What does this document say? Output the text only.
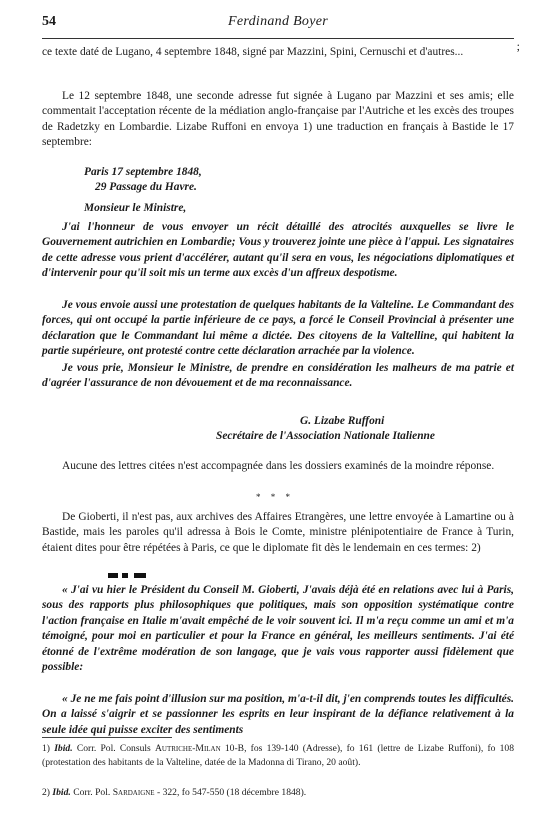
54	Ferdinand Boyer
;
ce texte daté de Lugano, 4 septembre 1848, signé par Mazzini, Spini, Cernuschi et d'autres...
Le 12 septembre 1848, une seconde adresse fut signée à Lugano par Mazzini et ses amis; elle commentait l'acceptation récente de la médiation anglo-française par l'Autriche et les excès des troupes de Radetzky en Lombardie. Lizabe Ruffoni en envoya 1) une traduction en français à Bastide le 17 septembre:
Paris 17 septembre 1848,
29 Passage du Havre.
Monsieur le Ministre,
J'ai l'honneur de vous envoyer un récit détaillé des atrocités auxquelles se livre le Gouvernement autrichien en Lombardie; Vous y trouverez jointe une pièce à l'appui. Les signataires de cette adresse vous prient d'accélérer, autant qu'il sera en vous, les négociations diplomatiques et d'intervenir pour qu'il soit mis un terme aux excès d'un affreux despotisme.
Je vous envoie aussi une protestation de quelques habitants de la Valteline. Le Commandant des forces, qui ont occupé la partie inférieure de ce pays, a forcé le Conseil Provincial à présenter une déclaration que le Commandant lui même a dictée. Des citoyens de la Valtelline, qui habitent la partie supérieure, ont protesté contre cette déclaration arrachée par la violence.
Je vous prie, Monsieur le Ministre, de prendre en considération les malheurs de ma patrie et d'agréer l'assurance de non dévouement et de ma reconnaissance.
G. Lizabe Ruffoni
Secrétaire de l'Association Nationale Italienne
Aucune des lettres citées n'est accompagnée dans les dossiers examinés de la moindre réponse.
* * *
De Gioberti, il n'est pas, aux archives des Affaires Etrangères, une lettre envoyée à Lamartine ou à Bastide, mais les paroles qu'il adressa à Bois le Comte, ministre plénipotentiaire de France à Turin, étaient dites pour être répétées à Paris, ce que le diplomate fit dès le lendemain en ces termes: 2)
« J'ai vu hier le Président du Conseil M. Gioberti, J'avais déjà été en relations avec lui à Paris, sous des rapports plus philosophiques que politiques, mais son opposition systématique contre l'action française en Italie m'avait empêché de le voir souvent ici. Il m'a reçu comme un ami et m'a témoigné, pour moi en particulier et pour la France en général, les meilleurs sentiments. J'ai été étonné de l'extrême modération de son langage, que je vais vous rapporter aussi fidèlement que possible:
« Je ne me fais point d'illusion sur ma position, m'a-t-il dit, j'en comprends toutes les difficultés. On a laissé s'aigrir et se passionner les esprits en leur inspirant de la défiance relativement à la seule idée qui puisse exciter des sentiments
1) Ibid. Corr. Pol. Consuls Autriche-Milan 10-B, fos 139-140 (Adresse), fo 161 (lettre de Lizabe Ruffoni), fo 108 (protestation des habitants de la Valteline, datée de la Madonna di Tirano, 20 août).
2) Ibid. Corr. Pol. Sardaigne - 322, fo 547-550 (18 décembre 1848).
